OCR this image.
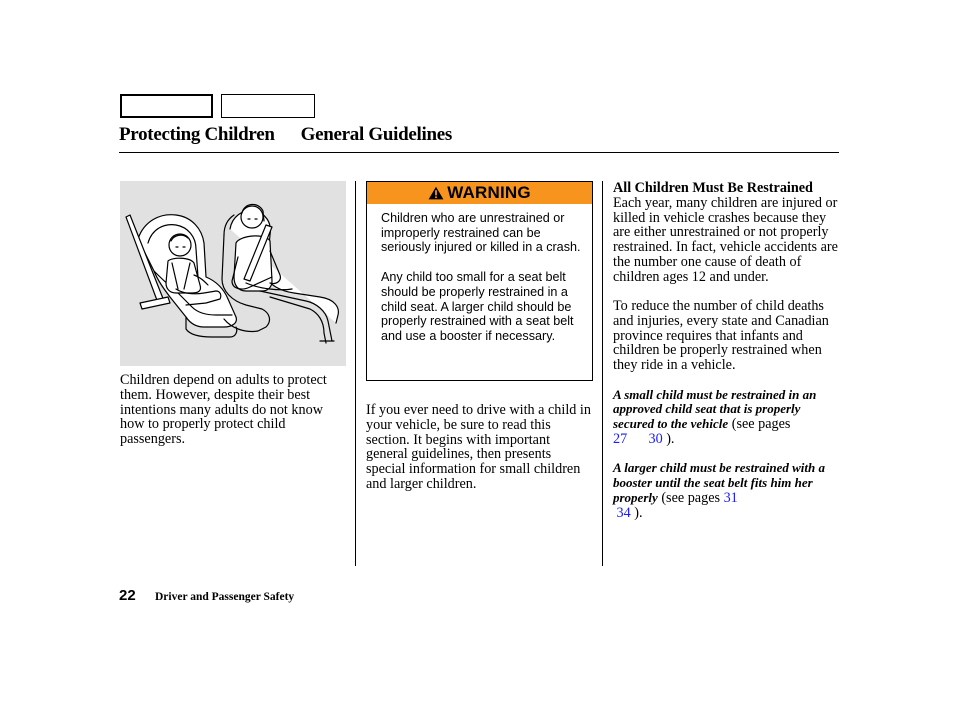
Protecting Children General Guidelines
Children depend on adults to protect them. However, despite their best intentions many adults do not know how to properly protect child passengers.
WARNING

Children who are unrestrained or improperly restrained can be seriously injured or killed in a crash.

Any child too small for a seat belt should be properly restrained in a child seat. A larger child should be properly restrained with a seat belt and use a booster if necessary.

If you ever need to drive with a child in your vehicle, be sure to read this section. It begins with important general guidelines, then presents special information for small children and larger children.

All Children Must Be Restrained
Each year, many children are injured or killed in vehicle crashes because they are either unrestrained or not properly restrained. In fact, vehicle accidents are the number one cause of death of children ages 12 and under.

To reduce the number of child deaths and injuries, every state and Canadian province requires that infants and children be properly restrained when they ride in a vehicle.

A small child must be restrained in an approved child seat that is properly secured to the vehicle (see pages 27 30 ).

A larger child must be restrained with a booster until the seat belt fits him her properly (see pages 31
34 ).

22 Driver and Passenger Safety
